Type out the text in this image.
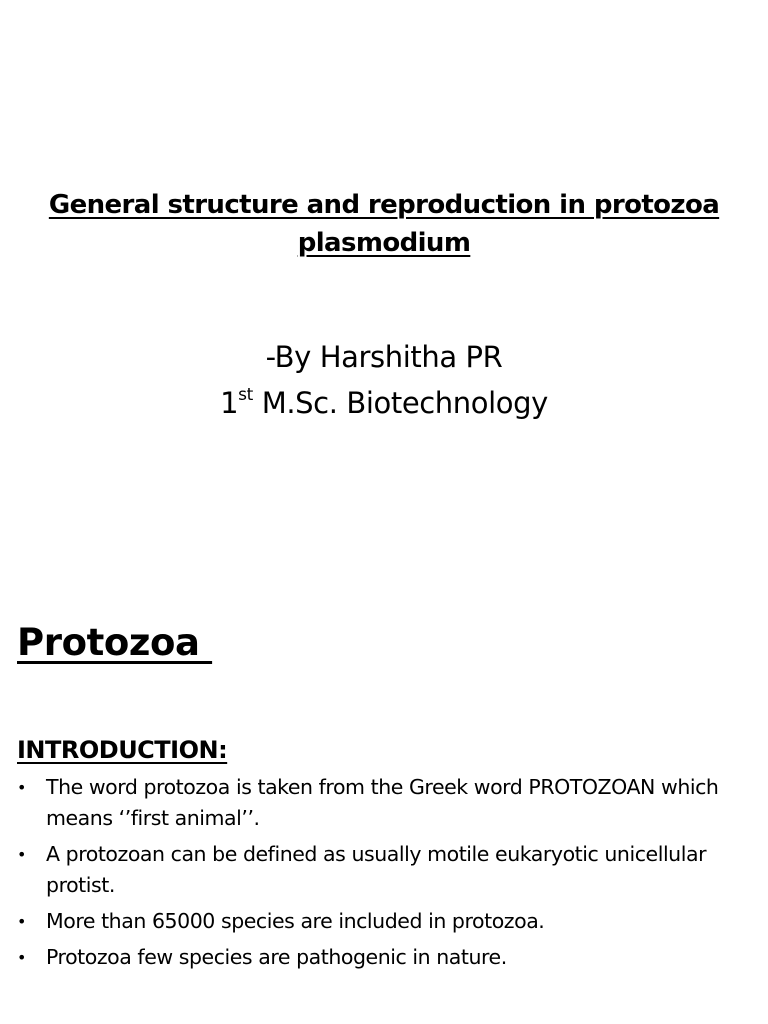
General structure and reproduction in protozoa
plasmodium
-By Harshitha PR
1st M.Sc. Biotechnology
Protozoa
INTRODUCTION:
• The word protozoa is taken from the Greek word PROTOZOAN which means ‘’first animal’’.
• A protozoan can be defined as usually motile eukaryotic unicellular protist.
• More than 65000 species are included in protozoa.
• Protozoa few species are pathogenic in nature.
